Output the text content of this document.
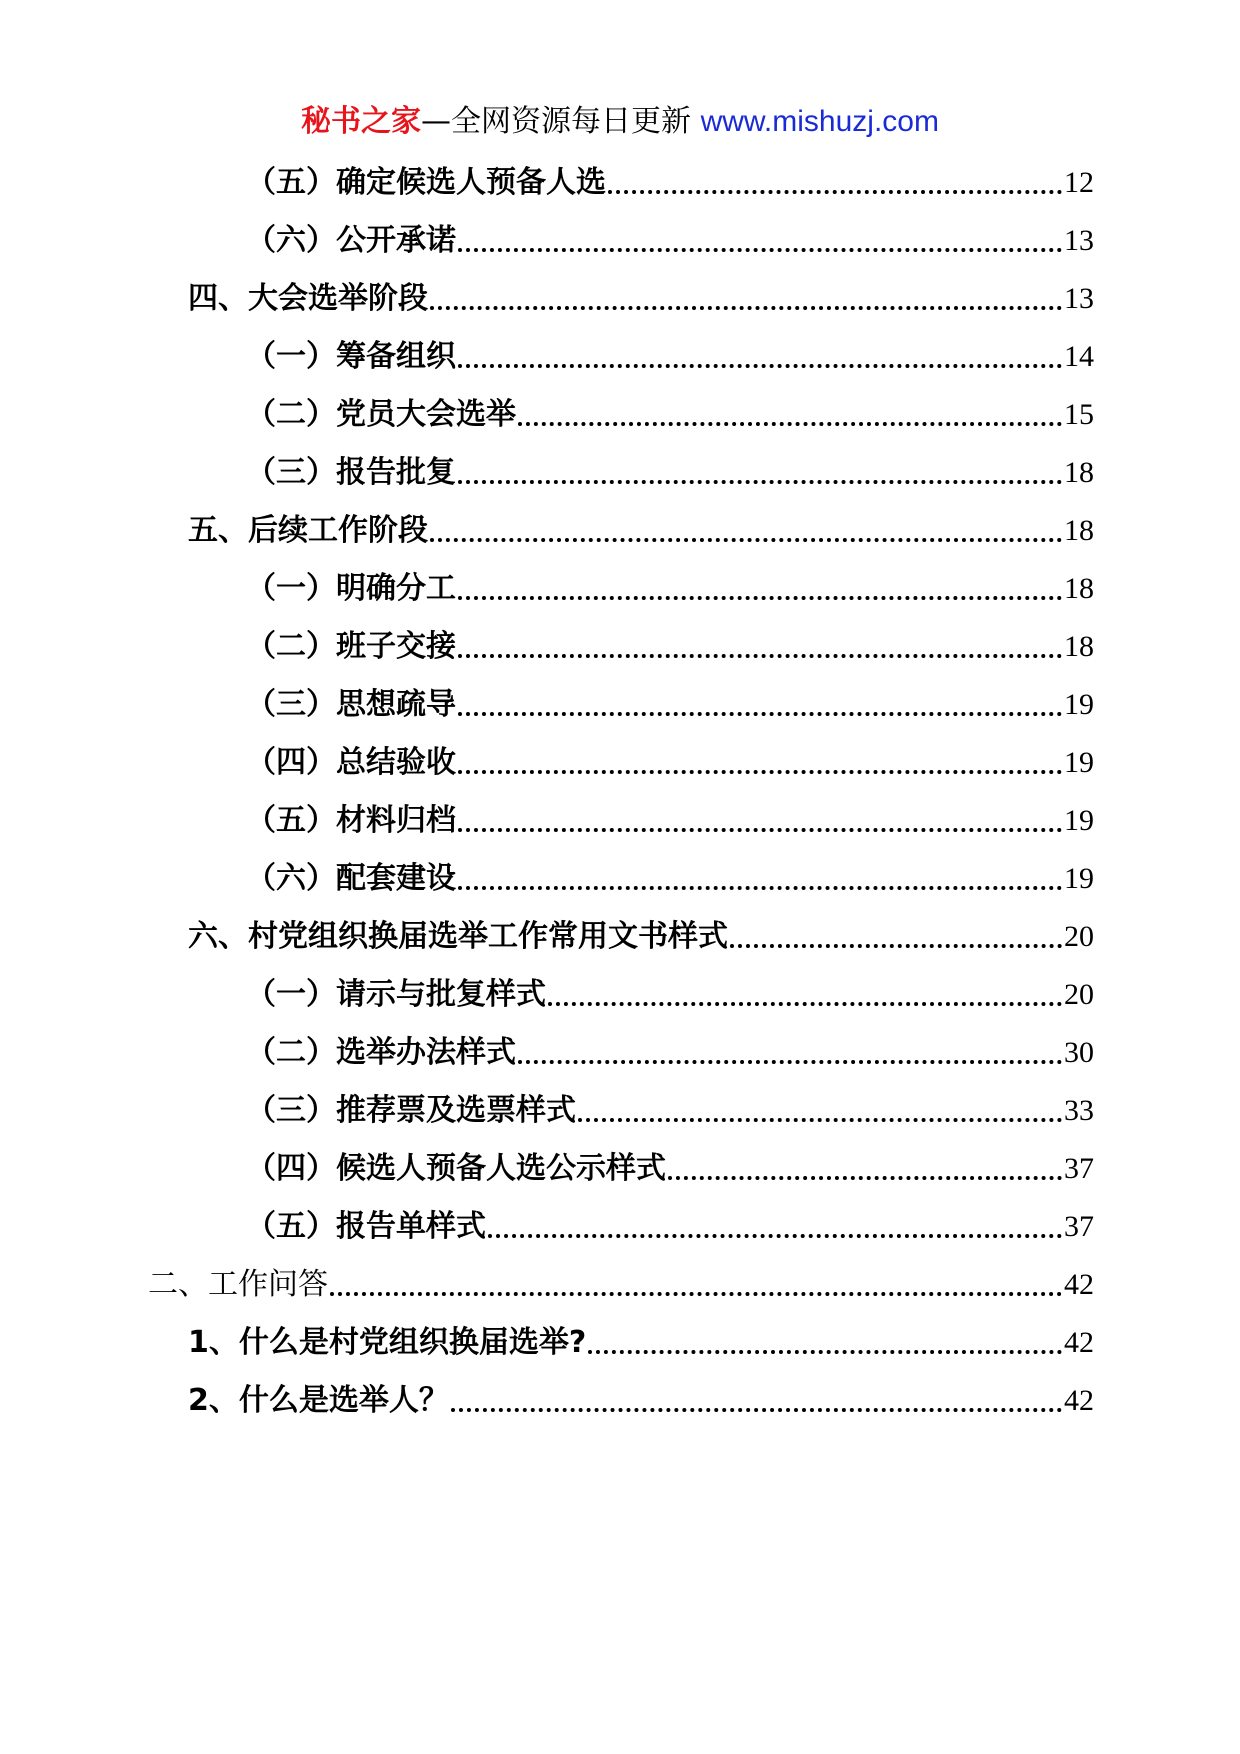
秘书之家—全网资源每日更新 www.mishuzj.com
（五）确定候选人预备人选	12
（六）公开承诺	13
四、大会选举阶段	13
（一）筹备组织	14
（二）党员大会选举	15
（三）报告批复	18
五、后续工作阶段	18
（一）明确分工	18
（二）班子交接	18
（三）思想疏导	19
（四）总结验收	19
（五）材料归档	19
（六）配套建设	19
六、村党组织换届选举工作常用文书样式	20
（一）请示与批复样式	20
（二）选举办法样式	30
（三）推荐票及选票样式	33
（四）候选人预备人选公示样式	37
（五）报告单样式	37
二、工作问答	42
1、什么是村党组织换届选举?	42
2、什么是选举人？	42
